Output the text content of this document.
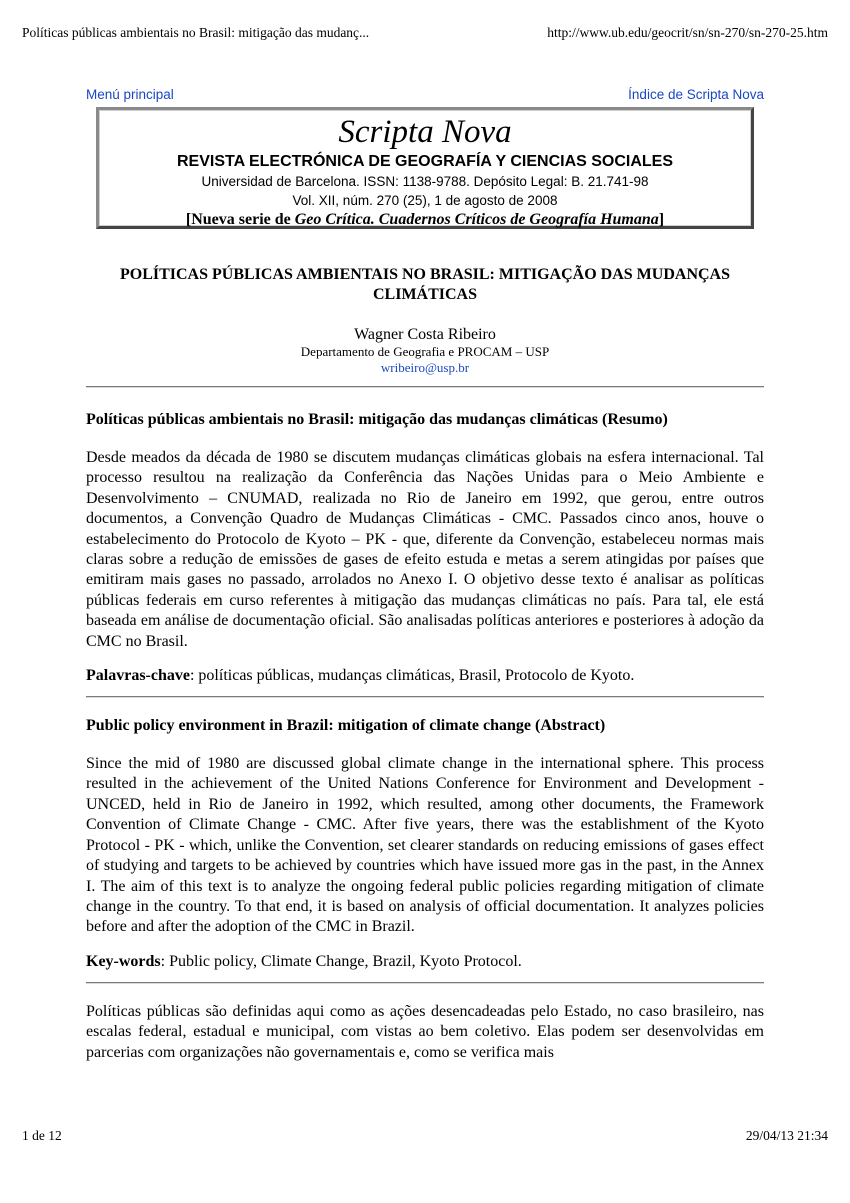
Políticas públicas ambientais no Brasil: mitigação das mudanç...	http://www.ub.edu/geocrit/sn/sn-270/sn-270-25.htm
Menú principal	Índice de Scripta Nova
Scripta Nova
REVISTA ELECTRÓNICA DE GEOGRAFÍA Y CIENCIAS SOCIALES
Universidad de Barcelona. ISSN: 1138-9788. Depósito Legal: B. 21.741-98
Vol. XII, núm. 270 (25), 1 de agosto de 2008
[Nueva serie de Geo Crítica. Cuadernos Críticos de Geografía Humana]
POLÍTICAS PÚBLICAS AMBIENTAIS NO BRASIL: MITIGAÇÃO DAS MUDANÇAS CLIMÁTICAS
Wagner Costa Ribeiro
Departamento de Geografia e PROCAM – USP
wribeiro@usp.br
Políticas públicas ambientais no Brasil: mitigação das mudanças climáticas (Resumo)

Desde meados da década de 1980 se discutem mudanças climáticas globais na esfera internacional. Tal processo resultou na realização da Conferência das Nações Unidas para o Meio Ambiente e Desenvolvimento – CNUMAD, realizada no Rio de Janeiro em 1992, que gerou, entre outros documentos, a Convenção Quadro de Mudanças Climáticas - CMC. Passados cinco anos, houve o estabelecimento do Protocolo de Kyoto – PK - que, diferente da Convenção, estabeleceu normas mais claras sobre a redução de emissões de gases de efeito estuda e metas a serem atingidas por países que emitiram mais gases no passado, arrolados no Anexo I. O objetivo desse texto é analisar as políticas públicas federais em curso referentes à mitigação das mudanças climáticas no país. Para tal, ele está baseada em análise de documentação oficial. São analisadas políticas anteriores e posteriores à adoção da CMC no Brasil.

Palavras-chave: políticas públicas, mudanças climáticas, Brasil, Protocolo de Kyoto.
Public policy environment in Brazil: mitigation of climate change (Abstract)

Since the mid of 1980 are discussed global climate change in the international sphere. This process resulted in the achievement of the United Nations Conference for Environment and Development - UNCED, held in Rio de Janeiro in 1992, which resulted, among other documents, the Framework Convention of Climate Change - CMC. After five years, there was the establishment of the Kyoto Protocol - PK - which, unlike the Convention, set clearer standards on reducing emissions of gases effect of studying and targets to be achieved by countries which have issued more gas in the past, in the Annex I. The aim of this text is to analyze the ongoing federal public policies regarding mitigation of climate change in the country. To that end, it is based on analysis of official documentation. It analyzes policies before and after the adoption of the CMC in Brazil.

Key-words: Public policy, Climate Change, Brazil, Kyoto Protocol.

Políticas públicas são definidas aqui como as ações desencadeadas pelo Estado, no caso brasileiro, nas escalas federal, estadual e municipal, com vistas ao bem coletivo. Elas podem ser desenvolvidas em parcerias com organizações não governamentais e, como se verifica mais

1 de 12	29/04/13 21:34
